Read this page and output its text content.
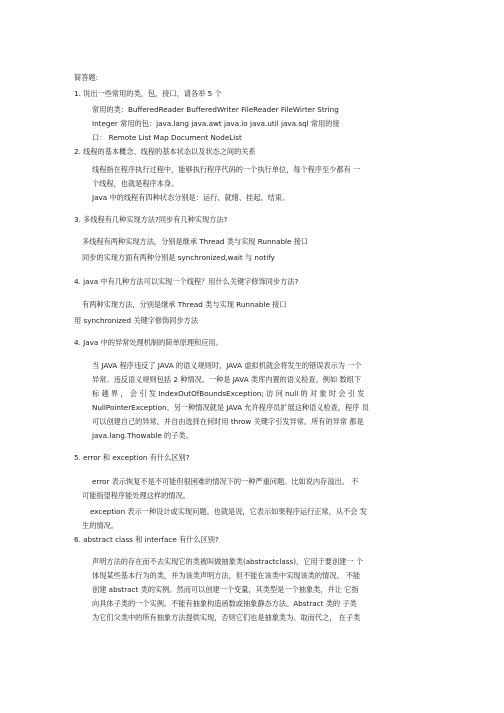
简答题:
1. 说出一些常用的类，包，接口，请各举 5 个
常用的类：BufferedReader BufferedWriter FileReader FileWirter String
Integer 常用的包：java.lang java.awt java.io java.util java.sql 常用的接
口： Remote List Map Document NodeList
2. 线程的基本概念、线程的基本状态以及状态之间的关系
线程指在程序执行过程中，能够执行程序代码的一个执行单位，每个程序至少都有 一
个线程，也就是程序本身。
Java 中的线程有四种状态分别是：运行、就绪、挂起、结束。
3. 多线程有几种实现方法?同步有几种实现方法?
多线程有两种实现方法，分别是继承 Thread 类与实现 Runnable 接口
同步的实现方面有两种分别是 synchronized,wait 与 notify
4. java 中有几种方法可以实现一个线程？用什么关键字修饰同步方法?
有两种实现方法，分别是继承 Thread 类与实现 Runnable 接口
用 synchronized 关键字修饰同步方法
4. Java 中的异常处理机制的简单原理和应用。
当 JAVA 程序违反了 JAVA 的语义规则时，JAVA 虚拟机就会将发生的错误表示为 一个
异常。违反语义规则包括 2 种情况。一种是 JAVA 类库内置的语义检查。例如 数组下
标 越 界 ， 会 引 发 IndexOutOfBoundsException; 访 问 null 的 对 象 时 会 引 发
NullPointerException。另一种情况就是 JAVA 允许程序员扩展这种语义检查，程序 员
可以创建自己的异常，并自由选择在何时用 throw 关键字引发异常。所有的异常 都是
java.lang.Thowable 的子类。
5. error 和 exception 有什么区别?
error 表示恢复不是不可能但很困难的情况下的一种严重问题。比如说内存溢出。 不
可能指望程序能处理这样的情况。
exception 表示一种设计或实现问题。也就是说，它表示如果程序运行正常，从不会 发
生的情况。
6. abstract class 和 interface 有什么区别?
声明方法的存在而不去实现它的类被叫做抽象类(abstractclass)，它用于要创建一 个
体现某些基本行为的类，并为该类声明方法，但不能在该类中实现该类的情况。 不能
创建 abstract 类的实例。然而可以创建一个变量，其类型是一个抽象类，并让 它指
向具体子类的一个实例。不能有抽象构造函数或抽象静态方法。Abstract 类的 子类
为它们父类中的所有抽象方法提供实现，否则它们也是抽象类为。取而代之， 在子类
